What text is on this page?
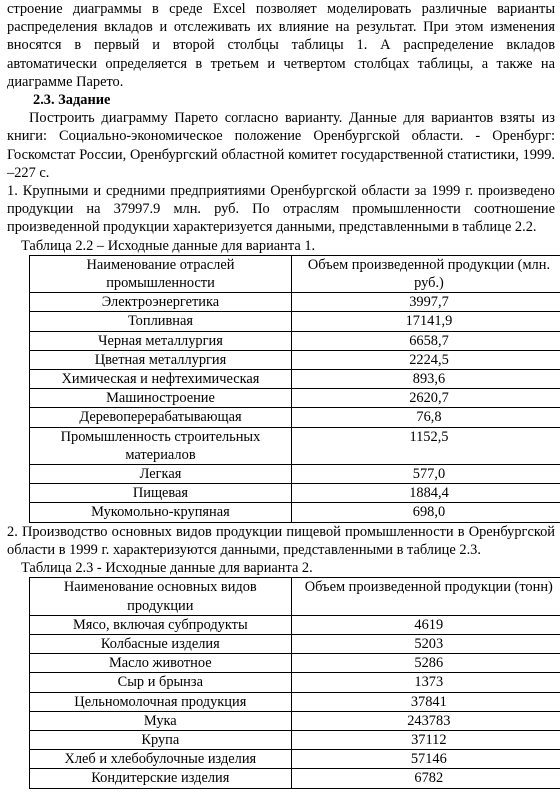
строение диаграммы в среде Excel позволяет моделировать различные варианты распределения вкладов и отслеживать их влияние на результат. При этом изменения вносятся в первый и второй столбцы таблицы 1. А распределение вкладов автоматически определяется в третьем и четвертом столбцах таблицы, а также на диаграмме Парето.

2.3. Задание

Построить диаграмму Парето согласно варианту. Данные для вариантов взяты из книги: Социально-экономическое положение Оренбургской области. - Оренбург: Госкомстат России, Оренбургский областной комитет государственной статистики, 1999. –227 с.

1. Крупными и средними предприятиями Оренбургской области за 1999 г. произведено продукции на 37997.9 млн. руб. По отраслям промышленности соотношение произведенной продукции характеризуется данными, представленными в таблице 2.2.

Таблица 2.2 – Исходные данные для варианта 1.

Наименование отраслей промышленности	Объем произведенной продукции (млн. руб.)
Электроэнергетика	3997,7
Топливная	17141,9
Черная металлургия	6658,7
Цветная металлургия	2224,5
Химическая и нефтехимическая	893,6
Машиностроение	2620,7
Деревоперерабатывающая	76,8
Промышленность строительных материалов	1152,5
Легкая	577,0
Пищевая	1884,4
Мукомольно-крупяная	698,0

2. Производство основных видов продукции пищевой промышленности в Оренбургской области в 1999 г. характеризуются данными, представленными в таблице 2.3.

Таблица 2.3 - Исходные данные для варианта 2.

Наименование основных видов продукции	Объем произведенной продукции (тонн)
Мясо, включая субпродукты	4619
Колбасные изделия	5203
Масло животное	5286
Сыр и брынза	1373
Цельномолочная продукция	37841
Мука	243783
Крупа	37112
Хлеб и хлебобулочные изделия	57146
Кондитерские изделия	6782
